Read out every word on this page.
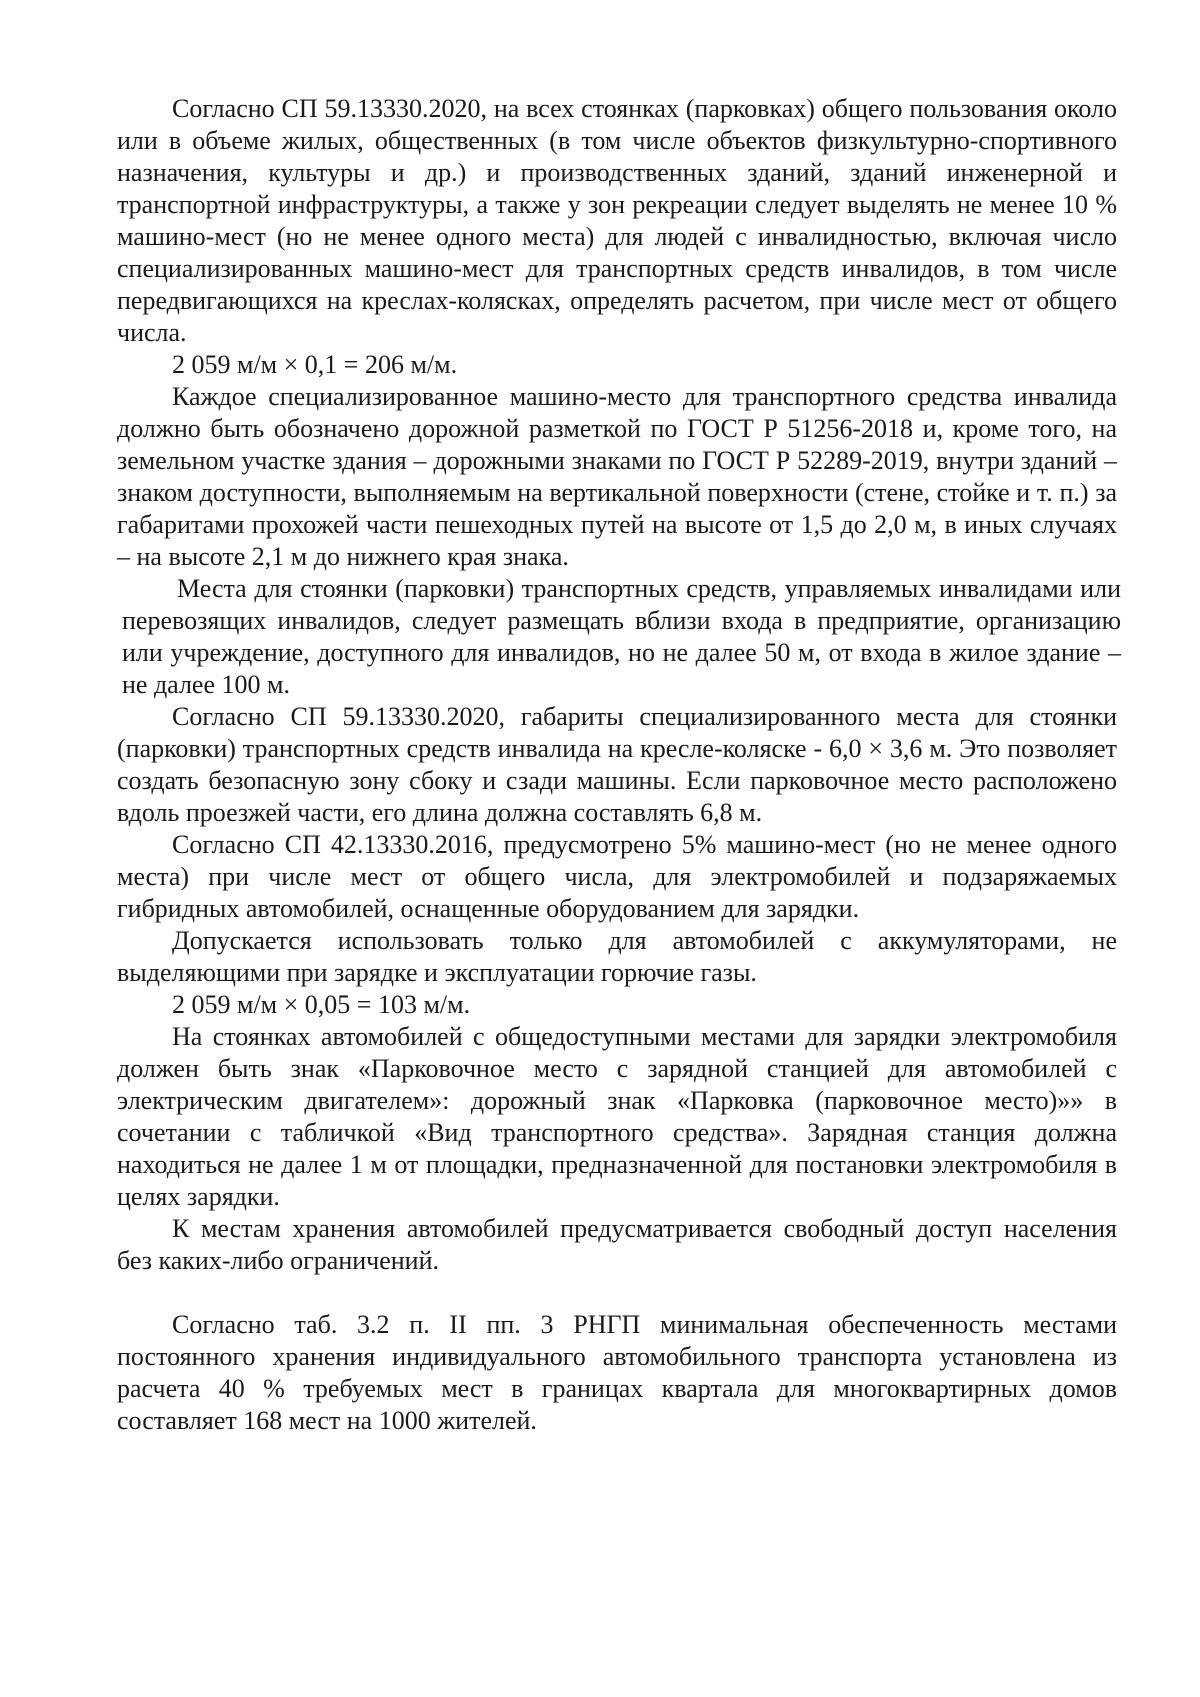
Согласно СП 59.13330.2020, на всех стоянках (парковках) общего пользования около или в объеме жилых, общественных (в том числе объектов физкультурно-спортивного назначения, культуры и др.) и производственных зданий, зданий инженерной и транспортной инфраструктуры, а также у зон рекреации следует выделять не менее 10 % машино-мест (но не менее одного места) для людей с инвалидностью, включая число специализированных машино-мест для транспортных средств инвалидов, в том числе передвигающихся на креслах-колясках, определять расчетом, при числе мест от общего числа.

2 059 м/м × 0,1 = 206 м/м.

Каждое специализированное машино-место для транспортного средства инвалида должно быть обозначено дорожной разметкой по ГОСТ Р 51256-2018 и, кроме того, на земельном участке здания – дорожными знаками по ГОСТ Р 52289-2019, внутри зданий – знаком доступности, выполняемым на вертикальной поверхности (стене, стойке и т. п.) за габаритами прохожей части пешеходных путей на высоте от 1,5 до 2,0 м, в иных случаях – на высоте 2,1 м до нижнего края знака.

Места для стоянки (парковки) транспортных средств, управляемых инвалидами или перевозящих инвалидов, следует размещать вблизи входа в предприятие, организацию или учреждение, доступного для инвалидов, но не далее 50 м, от входа в жилое здание – не далее 100 м.

Согласно СП 59.13330.2020, габариты специализированного места для стоянки (парковки) транспортных средств инвалида на кресле-коляске - 6,0 × 3,6 м. Это позволяет создать безопасную зону сбоку и сзади машины. Если парковочное место расположено вдоль проезжей части, его длина должна составлять 6,8 м.

Согласно СП 42.13330.2016, предусмотрено 5% машино-мест (но не менее одного места) при числе мест от общего числа, для электромобилей и подзаряжаемых гибридных автомобилей, оснащенные оборудованием для зарядки.

Допускается использовать только для автомобилей с аккумуляторами, не выделяющими при зарядке и эксплуатации горючие газы.

2 059 м/м × 0,05 = 103 м/м.

На стоянках автомобилей с общедоступными местами для зарядки электромобиля должен быть знак «Парковочное место с зарядной станцией для автомобилей с электрическим двигателем»: дорожный знак «Парковка (парковочное место)»» в сочетании с табличкой «Вид транспортного средства». Зарядная станция должна находиться не далее 1 м от площадки, предназначенной для постановки электромобиля в целях зарядки.

К местам хранения автомобилей предусматривается свободный доступ населения без каких-либо ограничений.

Согласно таб. 3.2 п. II пп. 3 РНГП минимальная обеспеченность местами постоянного хранения индивидуального автомобильного транспорта установлена из расчета 40 % требуемых мест в границах квартала для многоквартирных домов составляет 168 мест на 1000 жителей.
